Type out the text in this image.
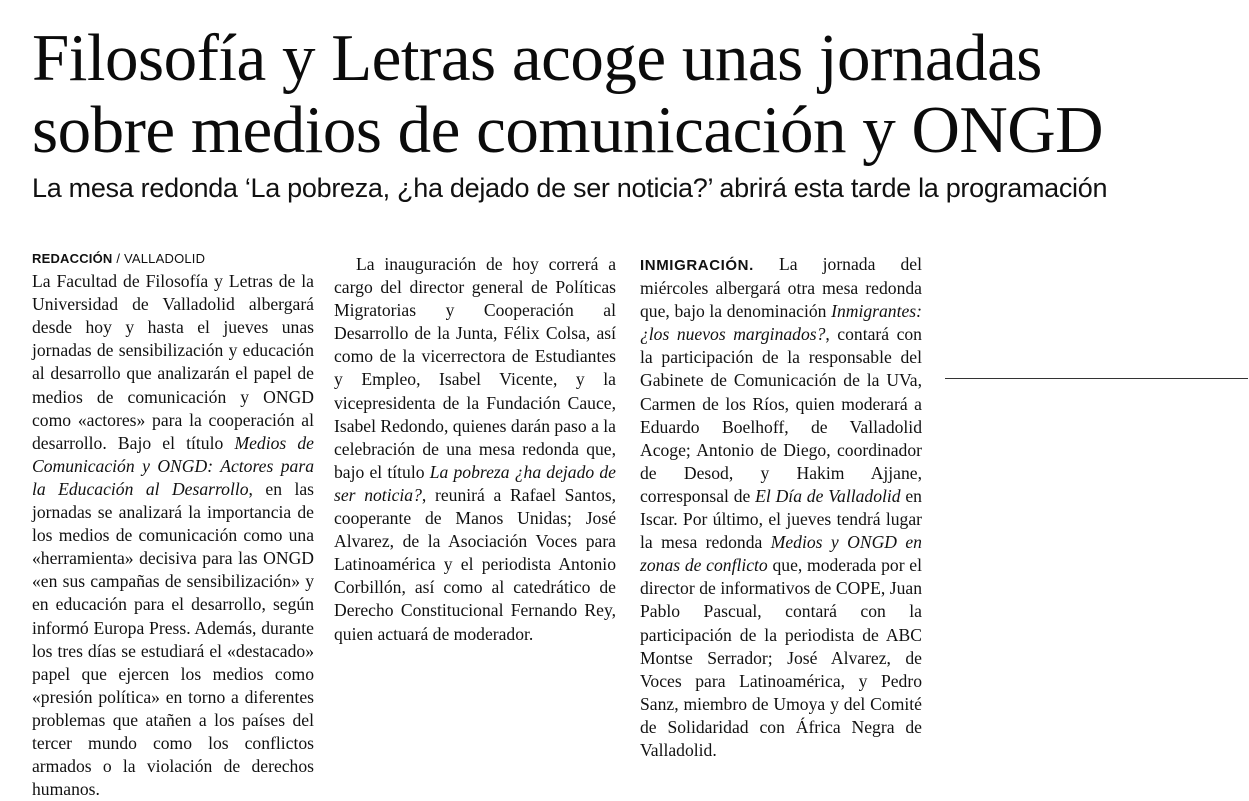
Filosofía y Letras acoge unas jornadas
sobre medios de comunicación y ONGD
La mesa redonda ‘La pobreza, ¿ha dejado de ser noticia?’ abrirá esta tarde la programación
REDACCIÓN / VALLADOLID

La Facultad de Filosofía y Letras de la Universidad de Valladolid albergará desde hoy y hasta el jueves unas jornadas de sensibilización y educación al desarrollo que analizarán el papel de medios de comunicación y ONGD como «actores» para la cooperación al desarrollo. Bajo el título Medios de Comunicación y ONGD: Actores para la Educación al Desarrollo, en las jornadas se analizará la importancia de los medios de comunicación como una «herramienta» decisiva para las ONGD «en sus campañas de sensibilización» y en educación para el desarrollo, según informó Europa Press. Además, durante los tres días se estudiará el «destacado» papel que ejercen los medios como «presión política» en torno a diferentes problemas que atañen a los países del tercer mundo como los conflictos armados o la violación de derechos humanos.

La inauguración de hoy correrá a cargo del director general de Políticas Migratorias y Cooperación al Desarrollo de la Junta, Félix Colsa, así como de la vicerrectora de Estudiantes y Empleo, Isabel Vicente, y la vicepresidenta de la Fundación Cauce, Isabel Redondo, quienes darán paso a la celebración de una mesa redonda que, bajo el título La pobreza ¿ha dejado de ser noticia?, reunirá a Rafael Santos, cooperante de Manos Unidas; José Alvarez, de la Asociación Voces para Latinoamérica y el periodista Antonio Corbillón, así como al catedrático de Derecho Constitucional Fernando Rey, quien actuará de moderador.

INMIGRACIÓN. La jornada del miércoles albergará otra mesa redonda que, bajo la denominación Inmigrantes: ¿los nuevos marginados?, contará con la participación de la responsable del Gabinete de Comunicación de la UVa, Carmen de los Ríos, quien moderará a Eduardo Boelhoff, de Valladolid Acoge; Antonio de Diego, coordinador de Desod, y Hakim Ajjane, corresponsal de El Día de Valladolid en Iscar. Por último, el jueves tendrá lugar la mesa redonda Medios y ONGD en zonas de conflicto que, moderada por el director de informativos de COPE, Juan Pablo Pascual, contará con la participación de la periodista de ABC Montse Serrador; José Alvarez, de Voces para Latinoamérica, y Pedro Sanz, miembro de Umoya y del Comité de Solidaridad con África Negra de Valladolid.
